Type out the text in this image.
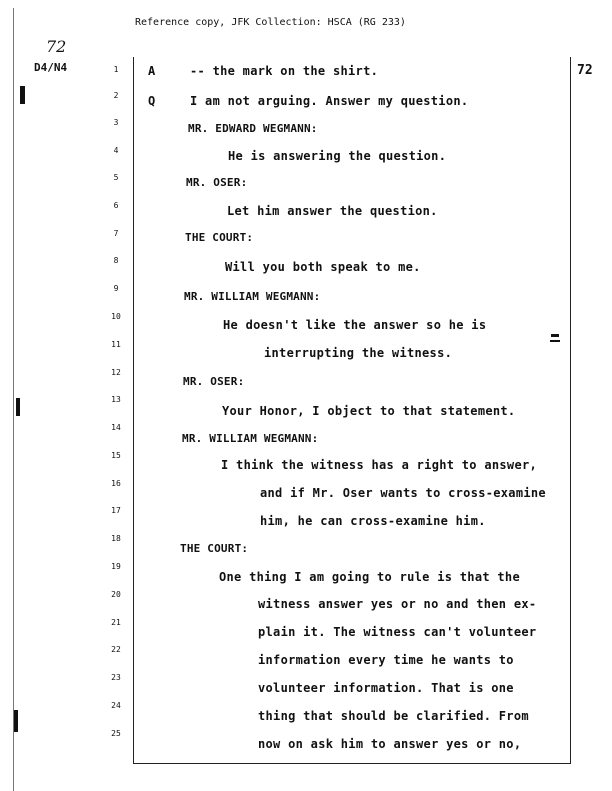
Reference copy, JFK Collection: HSCA (RG 233)
72
D4/N4	72
1
2
3
4
5
6
7
8
9
10
11
12
13
14
15
16
17
18
19
20
21
22
23
24
25
A	-- the mark on the shirt.
Q	I am not arguing. Answer my question.
MR. EDWARD WEGMANN:
He is answering the question.
MR. OSER:
Let him answer the question.
THE COURT:
Will you both speak to me.
MR. WILLIAM WEGMANN:
He doesn't like the answer so he is
interrupting the witness.
MR. OSER:
Your Honor, I object to that statement.
MR. WILLIAM WEGMANN:
I think the witness has a right to answer,
and if Mr. Oser wants to cross-examine
him, he can cross-examine him.
THE COURT:
One thing I am going to rule is that the
witness answer yes or no and then ex-
plain it. The witness can't volunteer
information every time he wants to
volunteer information. That is one
thing that should be clarified. From
now on ask him to answer yes or no,
